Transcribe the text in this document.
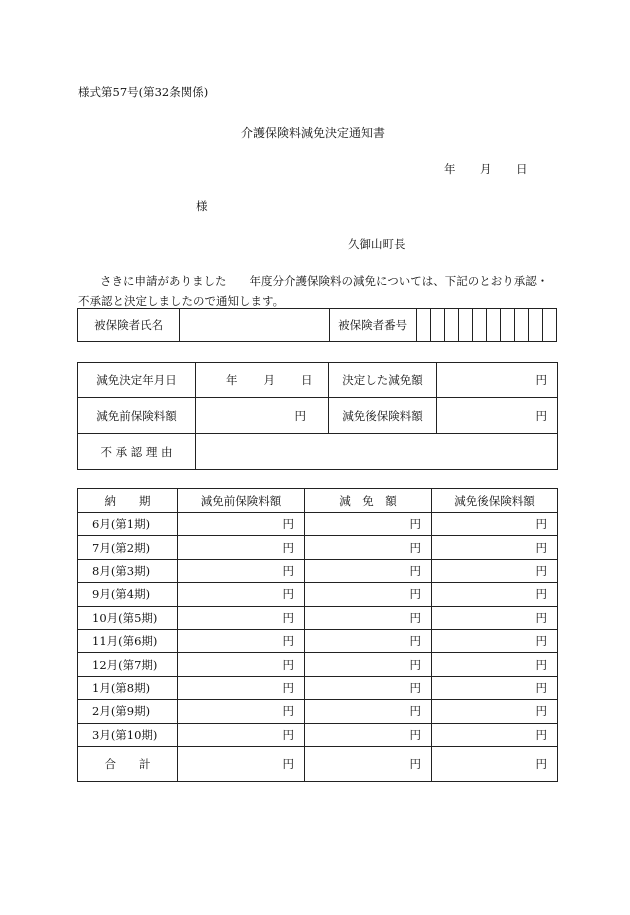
様式第57号(第32条関係)
介護保険料減免決定通知書
年 月 日
様
久御山町長
さきに申請がありました　　年度分介護保険料の減免については、下記のとおり承認・不承認と決定しましたので通知します。
被保険者氏名		被保険者番号										
減免決定年月日	年 月 日	決定した減免額	円
減免前保険料額	円	減免後保険料額	円
不 承 認 理 由			
納　　期	減免前保険料額	減　免　額	減免後保険料額
6月(第1期)	円	円	円
7月(第2期)	円	円	円
8月(第3期)	円	円	円
9月(第4期)	円	円	円
10月(第5期)	円	円	円
11月(第6期)	円	円	円
12月(第7期)	円	円	円
1月(第8期)	円	円	円
2月(第9期)	円	円	円
3月(第10期)	円	円	円
合　　計	円	円	円
